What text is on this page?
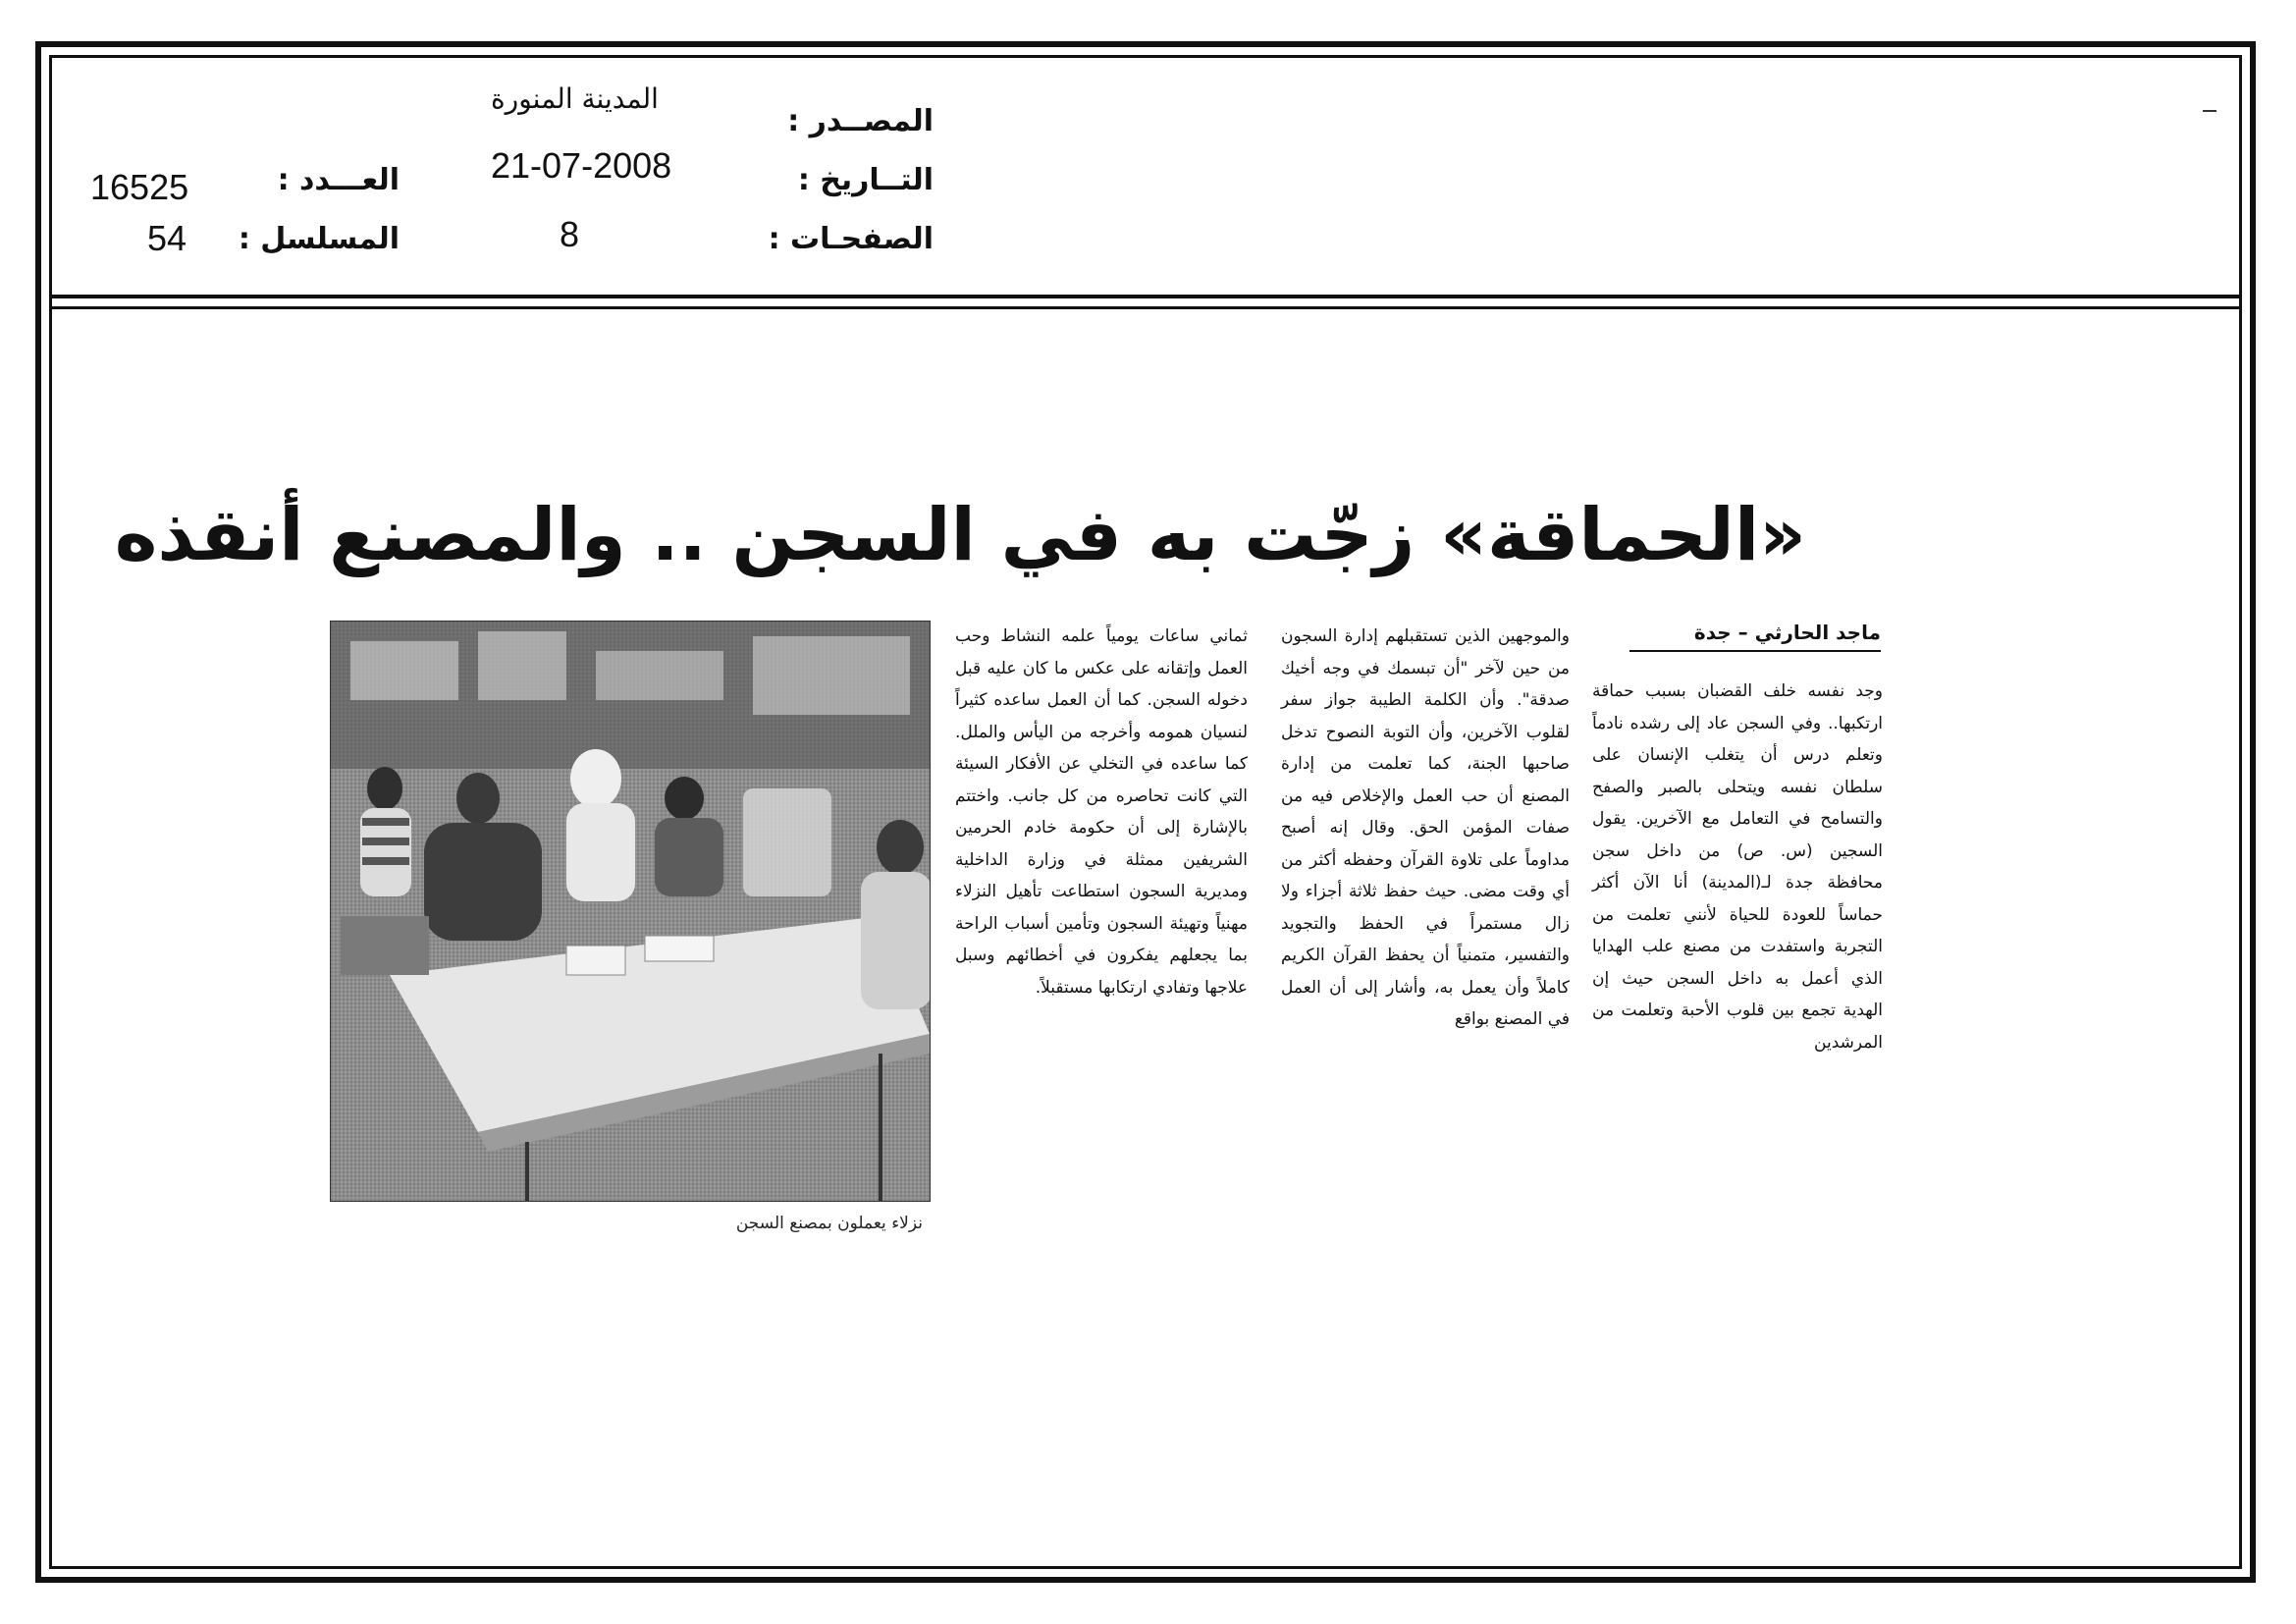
المصــدر :
التــاريخ :
الصفحـات :
العـــدد :
المسلسل :
المدينة المنورة
21-07-2008
8
16525
54
«الحماقة» زجّت به في السجن .. والمصنع أنقذه
ماجد الحارثي – جدة
وجد نفسه خلف القضبان بسبب حماقة ارتكبها.. وفي السجن عاد إلى رشده نادماً وتعلم درس أن يتغلب الإنسان على سلطان نفسه ويتحلى بالصبر والصفح والتسامح في التعامل مع الآخرين. يقول السجين (س. ص) من داخل سجن محافظة جدة لـ(المدينة) أنا الآن أكثر حماساً للعودة للحياة لأنني تعلمت من التجربة واستفدت من مصنع علب الهدايا الذي أعمل به داخل السجن حيث إن الهدية تجمع بين قلوب الأحبة وتعلمت من المرشدين
والموجهين الذين تستقبلهم إدارة السجون من حين لآخر "أن تبسمك في وجه أخيك صدقة". وأن الكلمة الطيبة جواز سفر لقلوب الآخرين، وأن التوبة النصوح تدخل صاحبها الجنة، كما تعلمت من إدارة المصنع أن حب العمل والإخلاص فيه من صفات المؤمن الحق. وقال إنه أصبح مداوماً على تلاوة القرآن وحفظه أكثر من أي وقت مضى. حيث حفظ ثلاثة أجزاء ولا زال مستمراً في الحفظ والتجويد والتفسير، متمنياً أن يحفظ القرآن الكريم كاملاً وأن يعمل به، وأشار إلى أن العمل في المصنع بواقع
ثماني ساعات يومياً علمه النشاط وحب العمل وإتقانه على عكس ما كان عليه قبل دخوله السجن. كما أن العمل ساعده كثيراً لنسيان همومه وأخرجه من اليأس والملل. كما ساعده في التخلي عن الأفكار السيئة التي كانت تحاصره من كل جانب. واختتم بالإشارة إلى أن حكومة خادم الحرمين الشريفين ممثلة في وزارة الداخلية ومديرية السجون استطاعت تأهيل النزلاء مهنياً وتهيئة السجون وتأمين أسباب الراحة بما يجعلهم يفكرون في أخطائهم وسبل علاجها وتفادي ارتكابها مستقبلاً.
نزلاء يعملون بمصنع السجن
